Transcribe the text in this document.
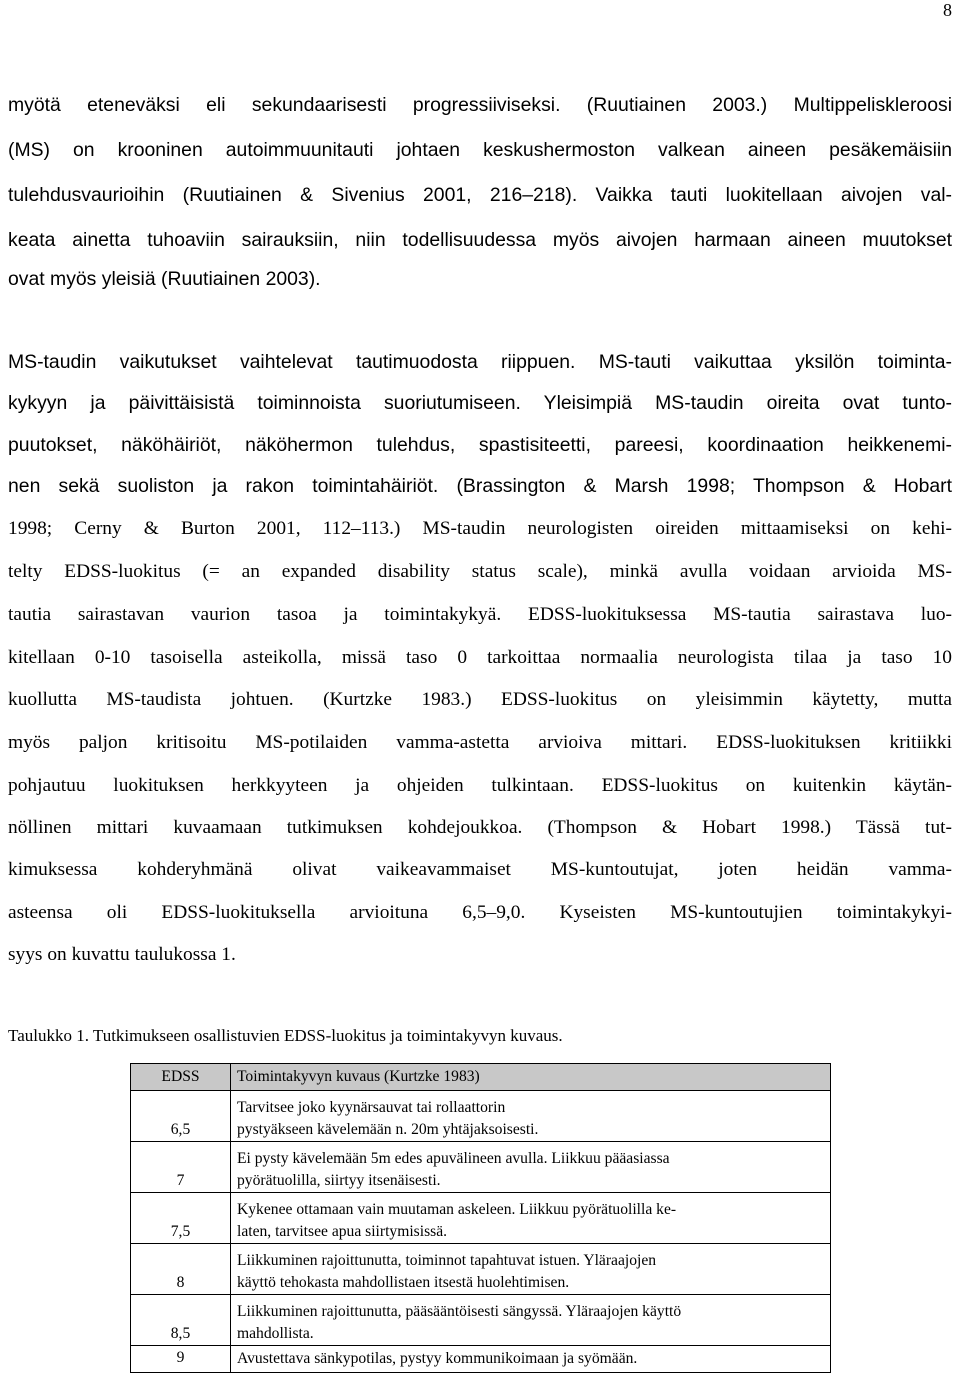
8
myötä eteneväksi eli sekundaarisesti progressiiviseksi. (Ruutiainen 2003.) Multippeliskleroosi
(MS) on krooninen autoimmuunitauti johtaen keskushermoston valkean aineen pesäkemäisiin
tulehdusvaurioihin (Ruutiainen & Sivenius 2001, 216–218). Vaikka tauti luokitellaan aivojen val-
keata ainetta tuhoaviin sairauksiin, niin todellisuudessa myös aivojen harmaan aineen muutokset
ovat myös yleisiä (Ruutiainen 2003).
MS-taudin vaikutukset vaihtelevat tautimuodosta riippuen. MS-tauti vaikuttaa yksilön toiminta-
kykyyn ja päivittäisistä toiminnoista suoriutumiseen. Yleisimpiä MS-taudin oireita ovat tunto-
puutokset, näköhäiriöt, näköhermon tulehdus, spastisiteetti, pareesi, koordinaation heikkenemi-
nen sekä suoliston ja rakon toimintahäiriöt. (Brassington & Marsh 1998; Thompson & Hobart
1998; Cerny & Burton 2001, 112–113.) MS-taudin neurologisten oireiden mittaamiseksi on kehi-
telty EDSS-luokitus (= an expanded disability status scale), minkä avulla voidaan arvioida MS-
tautia sairastavan vaurion tasoa ja toimintakykyä. EDSS-luokituksessa MS-tautia sairastava luo-
kitellaan 0-10 tasoisella asteikolla, missä taso 0 tarkoittaa normaalia neurologista tilaa ja taso 10
kuollutta MS-taudista johtuen. (Kurtzke 1983.) EDSS-luokitus on yleisimmin käytetty, mutta
myös paljon kritisoitu MS-potilaiden vamma-astetta arvioiva mittari. EDSS-luokituksen kritiikki
pohjautuu luokituksen herkkyyteen ja ohjeiden tulkintaan. EDSS-luokitus on kuitenkin käytän-
nöllinen mittari kuvaamaan tutkimuksen kohdejoukkoa. (Thompson & Hobart 1998.) Tässä tut-
kimuksessa kohderyhmänä olivat vaikeavammaiset MS-kuntoutujat, joten heidän vamma-
asteensa oli EDSS-luokituksella arvioituna 6,5–9,0. Kyseisten MS-kuntoutujien toimintakykyi-
syys on kuvattu taulukossa 1.
Taulukko 1. Tutkimukseen osallistuvien EDSS-luokitus ja toimintakyvyn kuvaus.
EDSS	Toimintakyvyn kuvaus (Kurtzke 1983)
6,5	Tarvitsee joko kyynärsauvat tai rollaattorin
pystyäkseen kävelemään n. 20m yhtäjaksoisesti.

7	Ei pysty kävelemään 5m edes apuvälineen avulla. Liikkuu pääasiassa
pyörätuolilla, siirtyy itsenäisesti.

7,5	Kykenee ottamaan vain muutaman askeleen. Liikkuu pyörätuolilla ke-
laten, tarvitsee apua siirtymisissä.

8	Liikkuminen rajoittunutta, toiminnot tapahtuvat istuen. Yläraajojen
käyttö tehokasta mahdollistaen itsestä huolehtimisen.

8,5	Liikkuminen rajoittunutta, pääsääntöisesti sängyssä. Yläraajojen käyttö
mahdollista.

9	Avustettava sänkypotilas, pystyy kommunikoimaan ja syömään.
